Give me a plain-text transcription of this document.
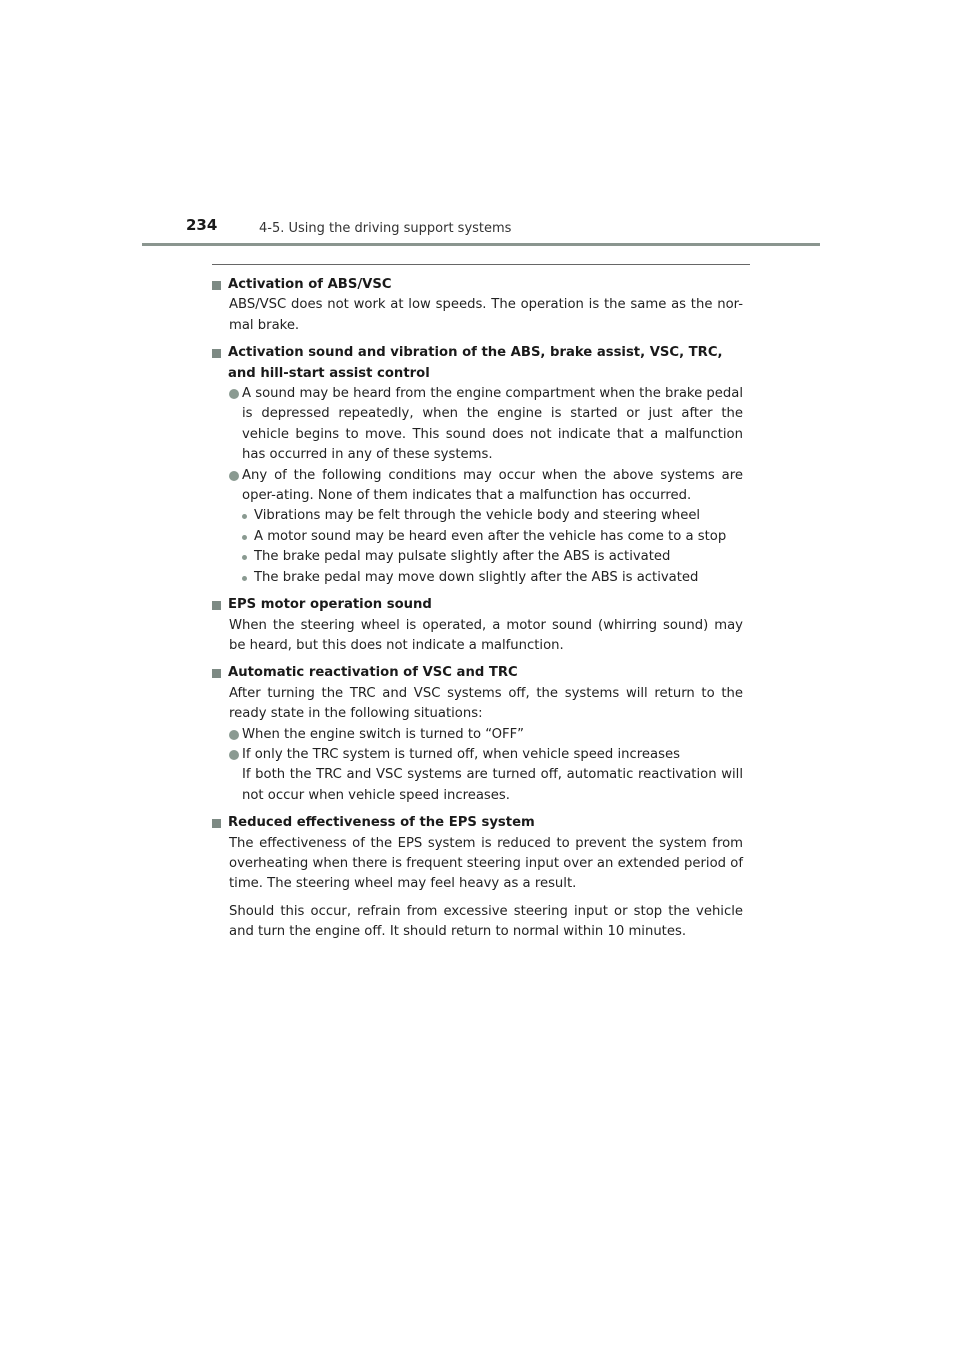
234	4-5. Using the driving support systems
Activation of ABS/VSC
ABS/VSC does not work at low speeds. The operation is the same as the nor-mal brake.
Activation sound and vibration of the ABS, brake assist, VSC, TRC, and hill-start assist control
A sound may be heard from the engine compartment when the brake pedal is depressed repeatedly, when the engine is started or just after the vehicle begins to move. This sound does not indicate that a malfunction has occurred in any of these systems.
Any of the following conditions may occur when the above systems are oper-ating. None of them indicates that a malfunction has occurred.
Vibrations may be felt through the vehicle body and steering wheel
A motor sound may be heard even after the vehicle has come to a stop
The brake pedal may pulsate slightly after the ABS is activated
The brake pedal may move down slightly after the ABS is activated
EPS motor operation sound
When the steering wheel is operated, a motor sound (whirring sound) may be heard, but this does not indicate a malfunction.
Automatic reactivation of VSC and TRC
After turning the TRC and VSC systems off, the systems will return to the ready state in the following situations:
When the engine switch is turned to “OFF”
If only the TRC system is turned off, when vehicle speed increases
If both the TRC and VSC systems are turned off, automatic reactivation will not occur when vehicle speed increases.
Reduced effectiveness of the EPS system
The effectiveness of the EPS system is reduced to prevent the system from overheating when there is frequent steering input over an extended period of time. The steering wheel may feel heavy as a result.
Should this occur, refrain from excessive steering input or stop the vehicle and turn the engine off. It should return to normal within 10 minutes.
